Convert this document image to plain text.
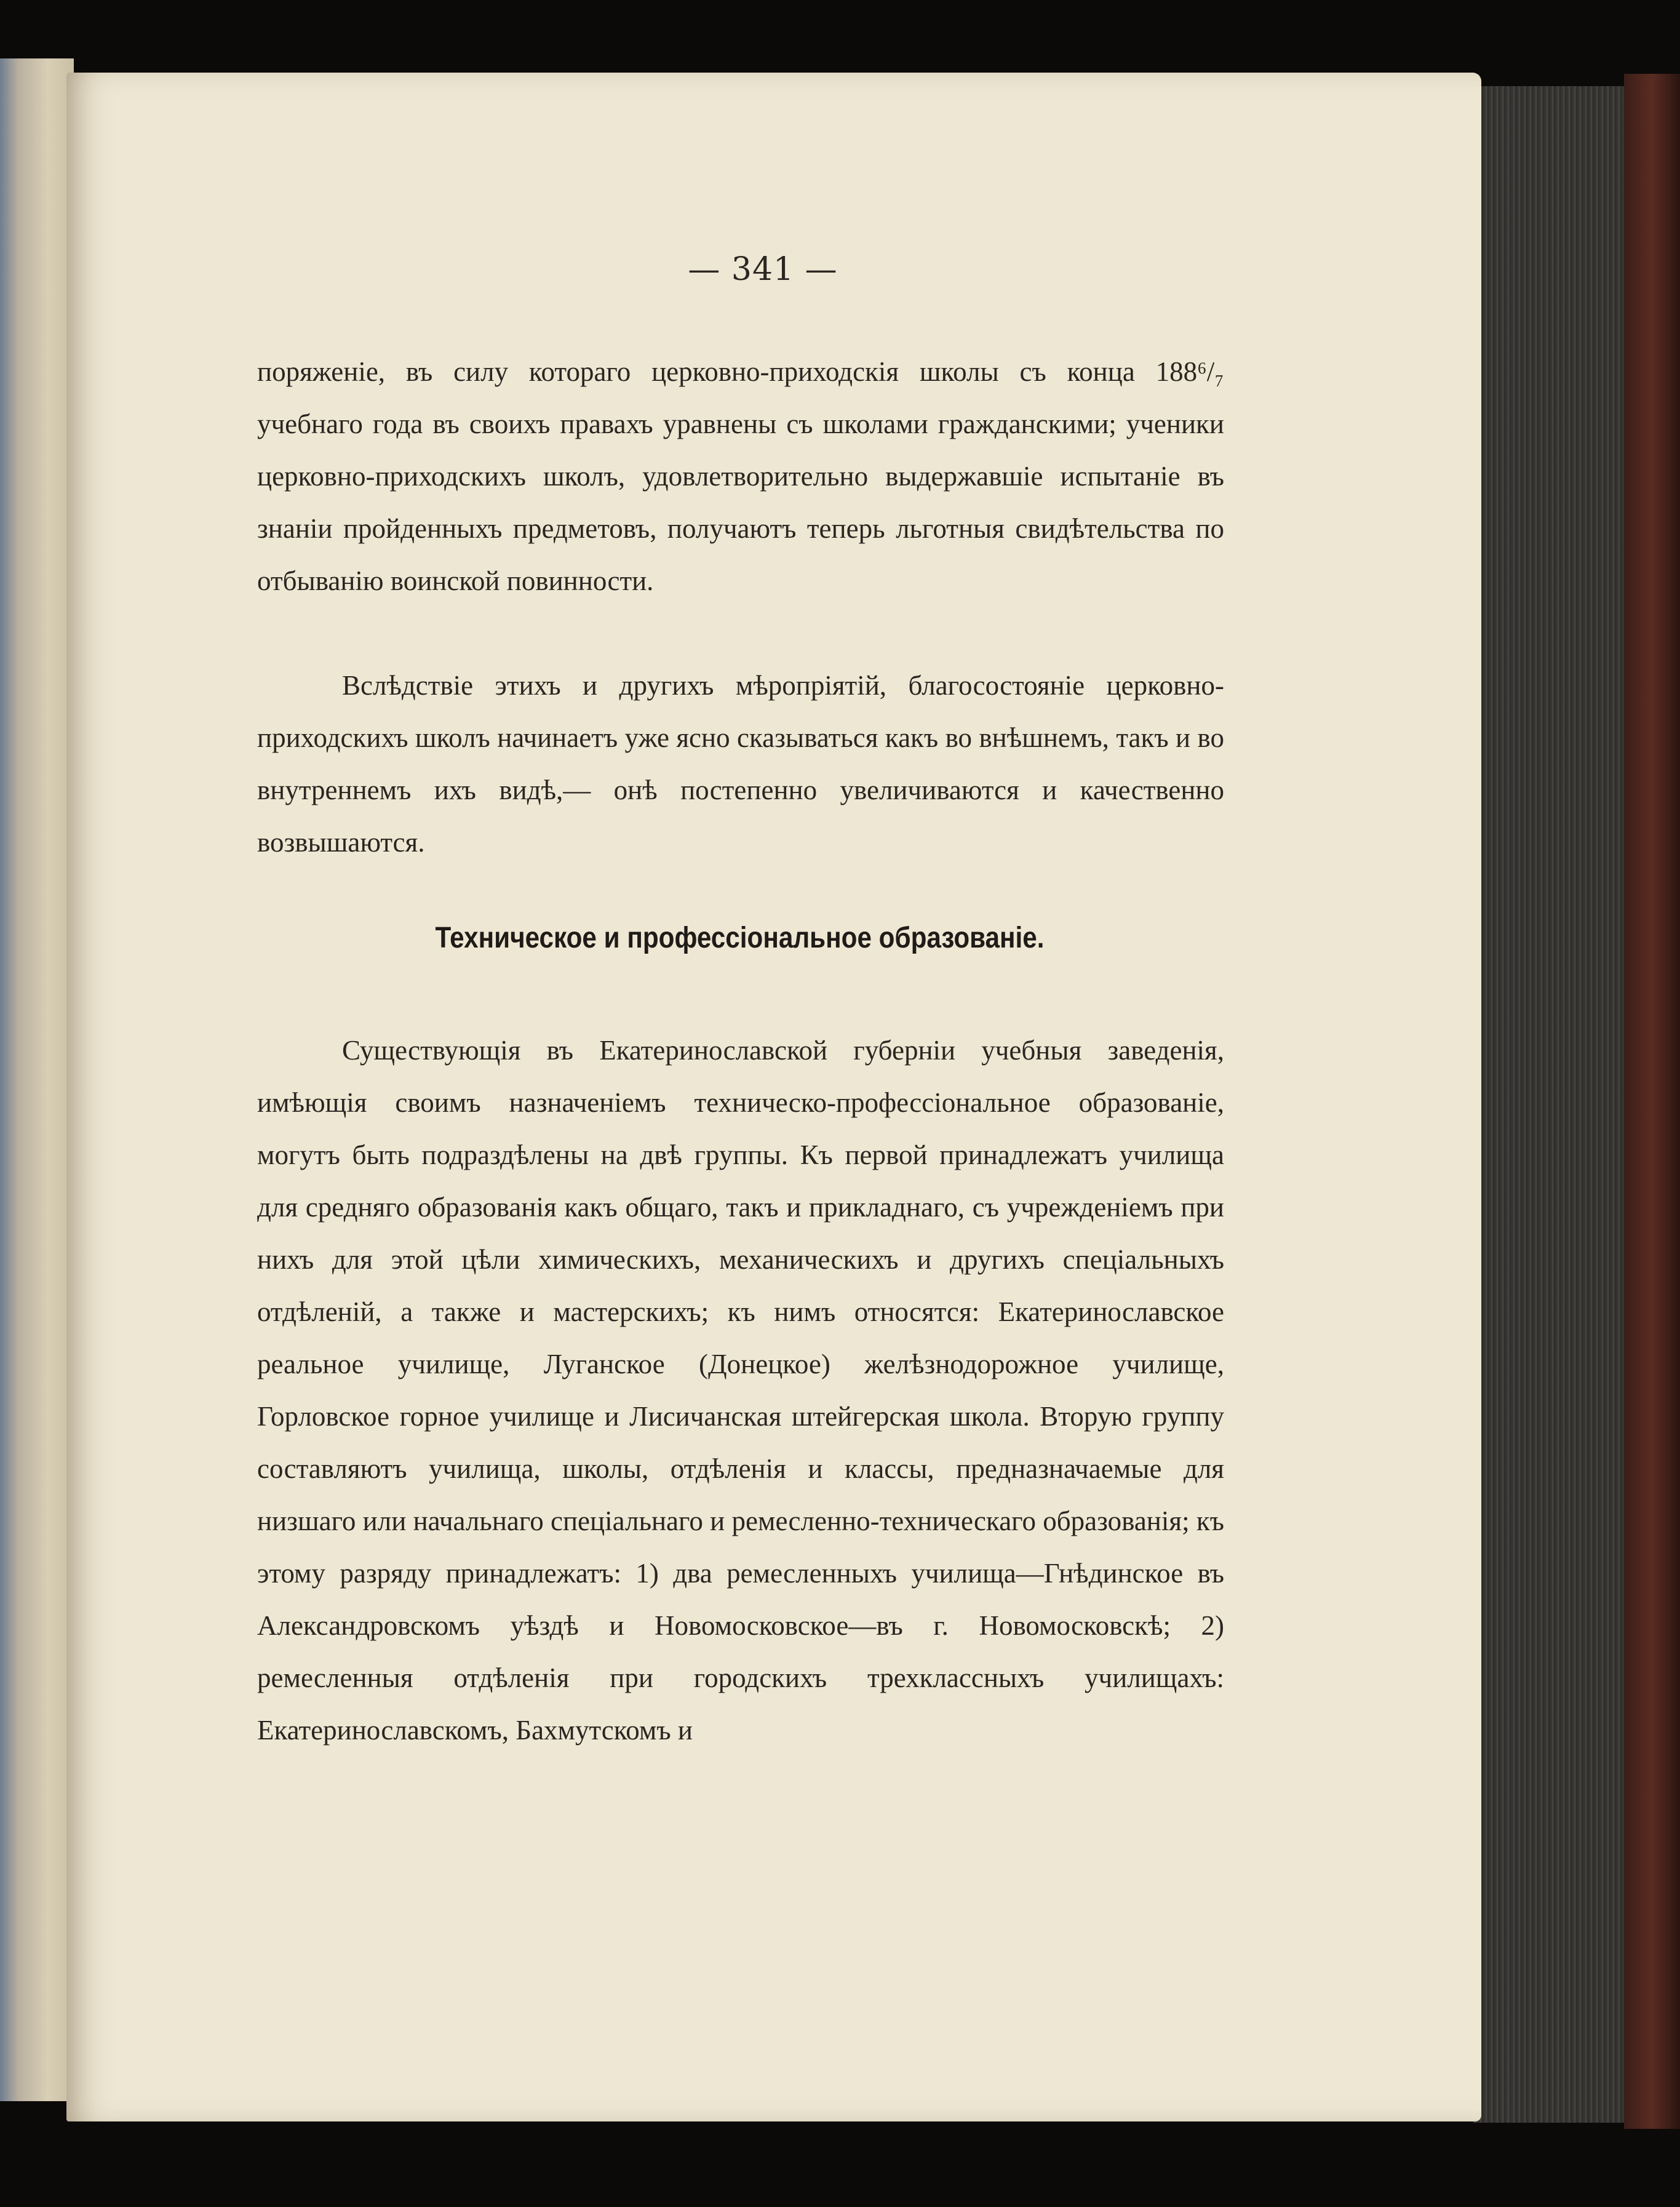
— 341 —

поряженіе, въ силу котораго церковно-приходскія школы съ конца 188⁶/₇ учебнаго года въ своихъ правахъ уравнены съ школами гражданскими; ученики церковно-приходскихъ школъ, удовлетворительно выдержавшіе испытаніе въ знаніи пройденныхъ предметовъ, получаютъ теперь льготныя свидѣтельства по отбыванію воинской повинности.

Вслѣдствіе этихъ и другихъ мѣропріятій, благосостояніе церковно-приходскихъ школъ начинаетъ уже ясно сказываться какъ во внѣшнемъ, такъ и во внутреннемъ ихъ видѣ,— онѣ постепенно увеличиваются и качественно возвышаются.

Техническое и профессіональное образованіе.

Существующія въ Екатеринославской губерніи учебныя заведенія, имѣющія своимъ назначеніемъ техническо-профессіональное образованіе, могутъ быть подраздѣлены на двѣ группы. Къ первой принадлежатъ училища для средняго образованія какъ общаго, такъ и прикладнаго, съ учрежденіемъ при нихъ для этой цѣли химическихъ, механическихъ и другихъ спеціальныхъ отдѣленій, а также и мастерскихъ; къ нимъ относятся: Екатеринославское реальное училище, Луганское (Донецкое) желѣзнодорожное училище, Горловское горное училище и Лисичанская штейгерская школа. Вторую группу составляютъ училища, школы, отдѣленія и классы, предназначаемые для низшаго или начальнаго спеціальнаго и ремесленно-техническаго образованія; къ этому разряду принадлежатъ: 1) два ремесленныхъ училища—Гнѣдинское въ Александровскомъ уѣздѣ и Новомосковское—въ г. Новомосковскѣ; 2) ремесленныя отдѣленія при городскихъ трехклассныхъ училищахъ: Екатеринославскомъ, Бахмутскомъ и
